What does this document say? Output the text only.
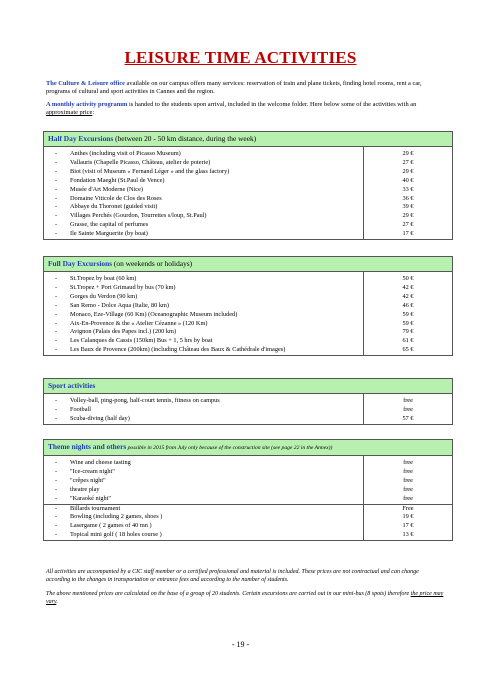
LEISURE TIME ACTIVITIES
The Culture & Leisure office available on our campus offers many services: reservation of train and plane tickets, finding hotel rooms, rent a car, programs of cultural and sport activities in Cannes and the region.
A monthly activity programm is handed to the students upon arrival, included in the welcome folder. Here below some of the activities with an approximate price:
Half Day Excursions (between 20 - 50 km distance, during the week)
-	Anthes (including visit of Picasso Museum)	29 €
-	Vallauris (Chapelle Picasso, Château, atelier de poterie)	27 €
-	Biot (visit of Museum « Fernand Léger » and the glass factory)	29 €
-	Fondation Maeght (St.Paul de Vence)	40 €
-	Musée d'Art Moderne (Nice)	33 €
-	Domaine Viticole de Clos des Roses	36 €
-	Abbaye du Thoronet (guided visit)	39 €
-	Villages Perchés (Gourdon, Tourrettes s/loup, St.Paul)	29 €
-	Grasse, the capital of perfumes	27 €
-	Ile Sainte Marguerite (by boat)	17 €
Full Day Excursions (on weekends or holidays)
-	St.Tropez by boat (60 km)	50 €
-	St.Tropez + Port Grimaud by bus (70 km)	42 €
-	Gorges du Verdon (90 km)	42 €
-	San Remo - Dolce Aqua (Italie, 80 km)	46 €
-	Monaco, Eze-Village (60 Km) (Oceanographic Museum included)	59 €
-	Aix-En-Provence & the « Atelier Cézanne » (120 Km)	59 €
-	Avignon (Palais des Papes incl.) (200 km)	79 €
-	Les Calanques de Cassis (150km) Bus + 1, 5 hrs by boat	61 €
-	Les Baux de Provence (200km) (including Château des Baux & Cathédrale d'images)	65 €
Sport activities
-	Volley-ball, ping-pong, half-court tennis, fitness on campus	free
-	Football	free
-	Scuba-diving (half day)	57 €
Theme nights and others possible in 2015 from July only because of the construction site (see page 22 in the Annex))
-	Wine and cheese tasting	free
-	"Ice-cream night"	free
-	"crêpes night"	free
-	theatre play	free
-	"Karaoké night"	free
-	Billards tournament	Free
-	Bowling (including 2 games, shoes )	19 €
-	Lasergame ( 2 games of 40 mn )	17 €
-	Topical mini golf ( 18 holes course )	13 €
All activities are accompanied by a CIC staff member or a certified professional and material is included. These prices are not contractual and can change according to the changes in transportation or entrance fees and according to the number of students.
The above mentioned prices are calculated on the base of a group of 20 students. Certain excursions are carried out in our mini-bus (8 spots) therefore the price may vary.
- 19 -
